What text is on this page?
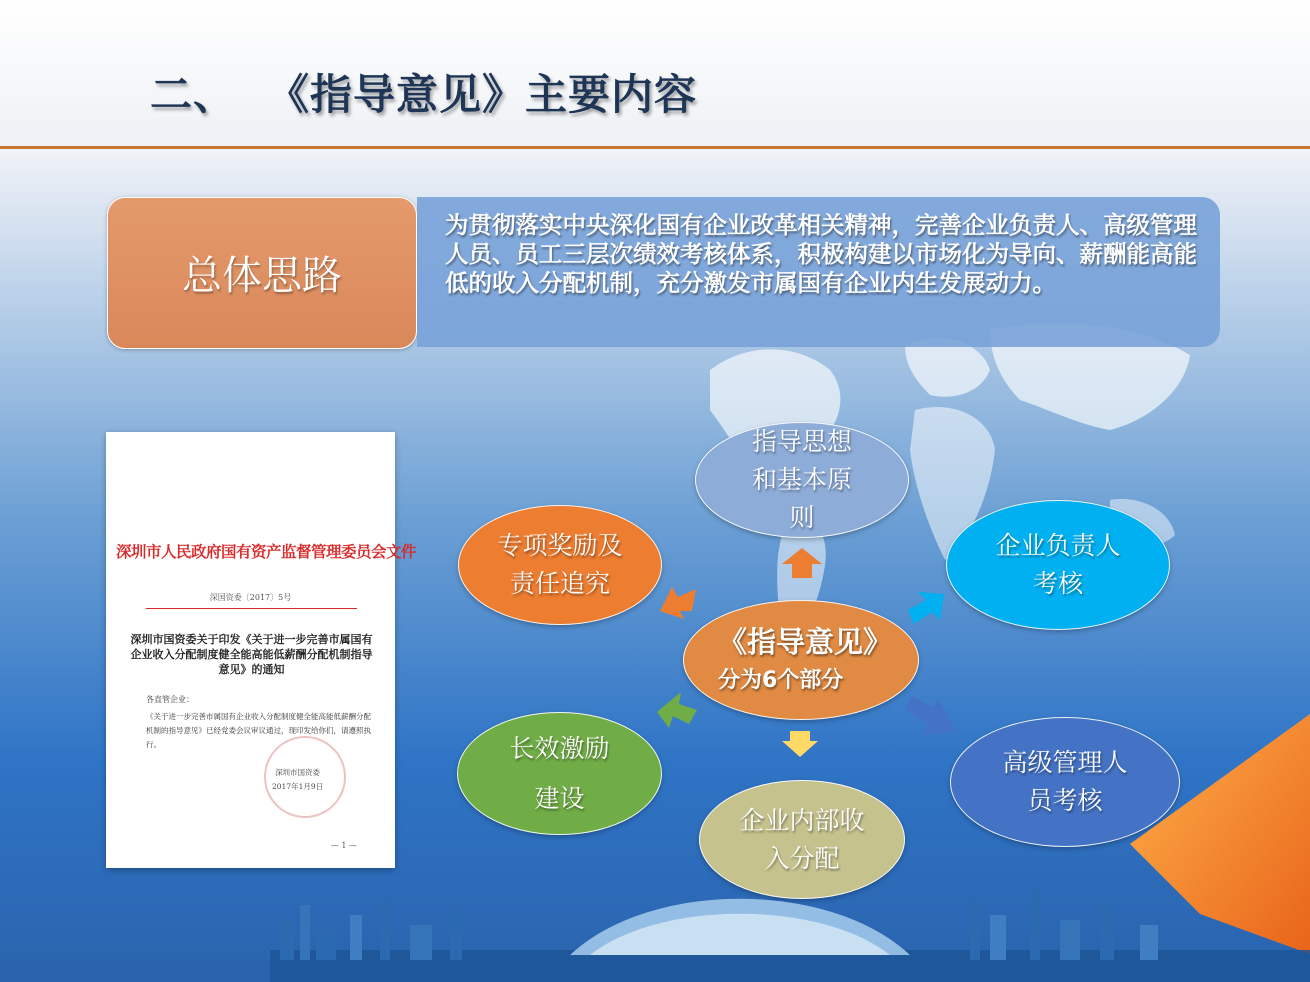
二、 《指导意见》主要内容
总体思路
为贯彻落实中央深化国有企业改革相关精神，完善企业负责人、高级管理人员、员工三层次绩效考核体系，积极构建以市场化为导向、薪酬能高能低的收入分配机制，充分激发市属国有企业内生发展动力。
深圳市人民政府国有资产监督管理委员会文件
深国资委〔2017〕5号
深圳市国资委关于印发《关于进一步完善市属国有企业收入分配制度健全能高能低薪酬分配机制指导意见》的通知
各直管企业：
《关于进一步完善市属国有企业收入分配制度健全能高能低薪酬分配机制的指导意见》已经党委会议审议通过，现印发给你们，请遵照执行。
深圳市国资委
2017年1月9日
— 1 —
指导思想和基本原则
专项奖励及责任追究
企业负责人考核
《指导意见》
分为6个部分
长效激励建设
企业内部收入分配
高级管理人员考核
